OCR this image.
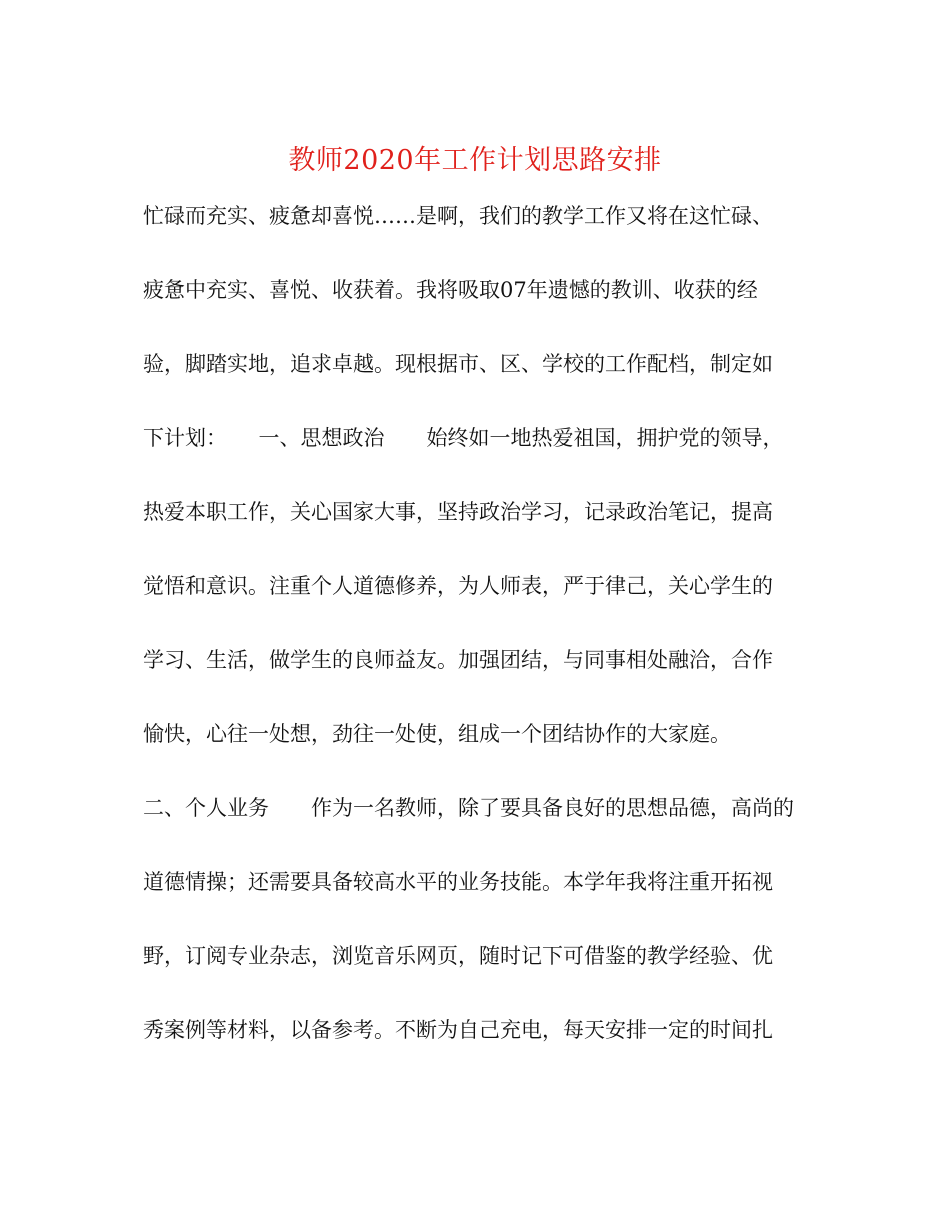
教师2020年工作计划思路安排
忙碌而充实、疲惫却喜悦……是啊，我们的教学工作又将在这忙碌、
疲惫中充实、喜悦、收获着。我将吸取07年遗憾的教训、收获的经
验，脚踏实地，追求卓越。现根据市、区、学校的工作配档，制定如
下计划：　　一、思想政治　　始终如一地热爱祖国，拥护党的领导，
热爱本职工作，关心国家大事，坚持政治学习，记录政治笔记，提高
觉悟和意识。注重个人道德修养，为人师表，严于律己，关心学生的
学习、生活，做学生的良师益友。加强团结，与同事相处融洽，合作
愉快，心往一处想，劲往一处使，组成一个团结协作的大家庭。
二、个人业务　　作为一名教师，除了要具备良好的思想品德，高尚的
道德情操；还需要具备较高水平的业务技能。本学年我将注重开拓视
野，订阅专业杂志，浏览音乐网页，随时记下可借鉴的教学经验、优
秀案例等材料，以备参考。不断为自己充电，每天安排一定的时间扎
